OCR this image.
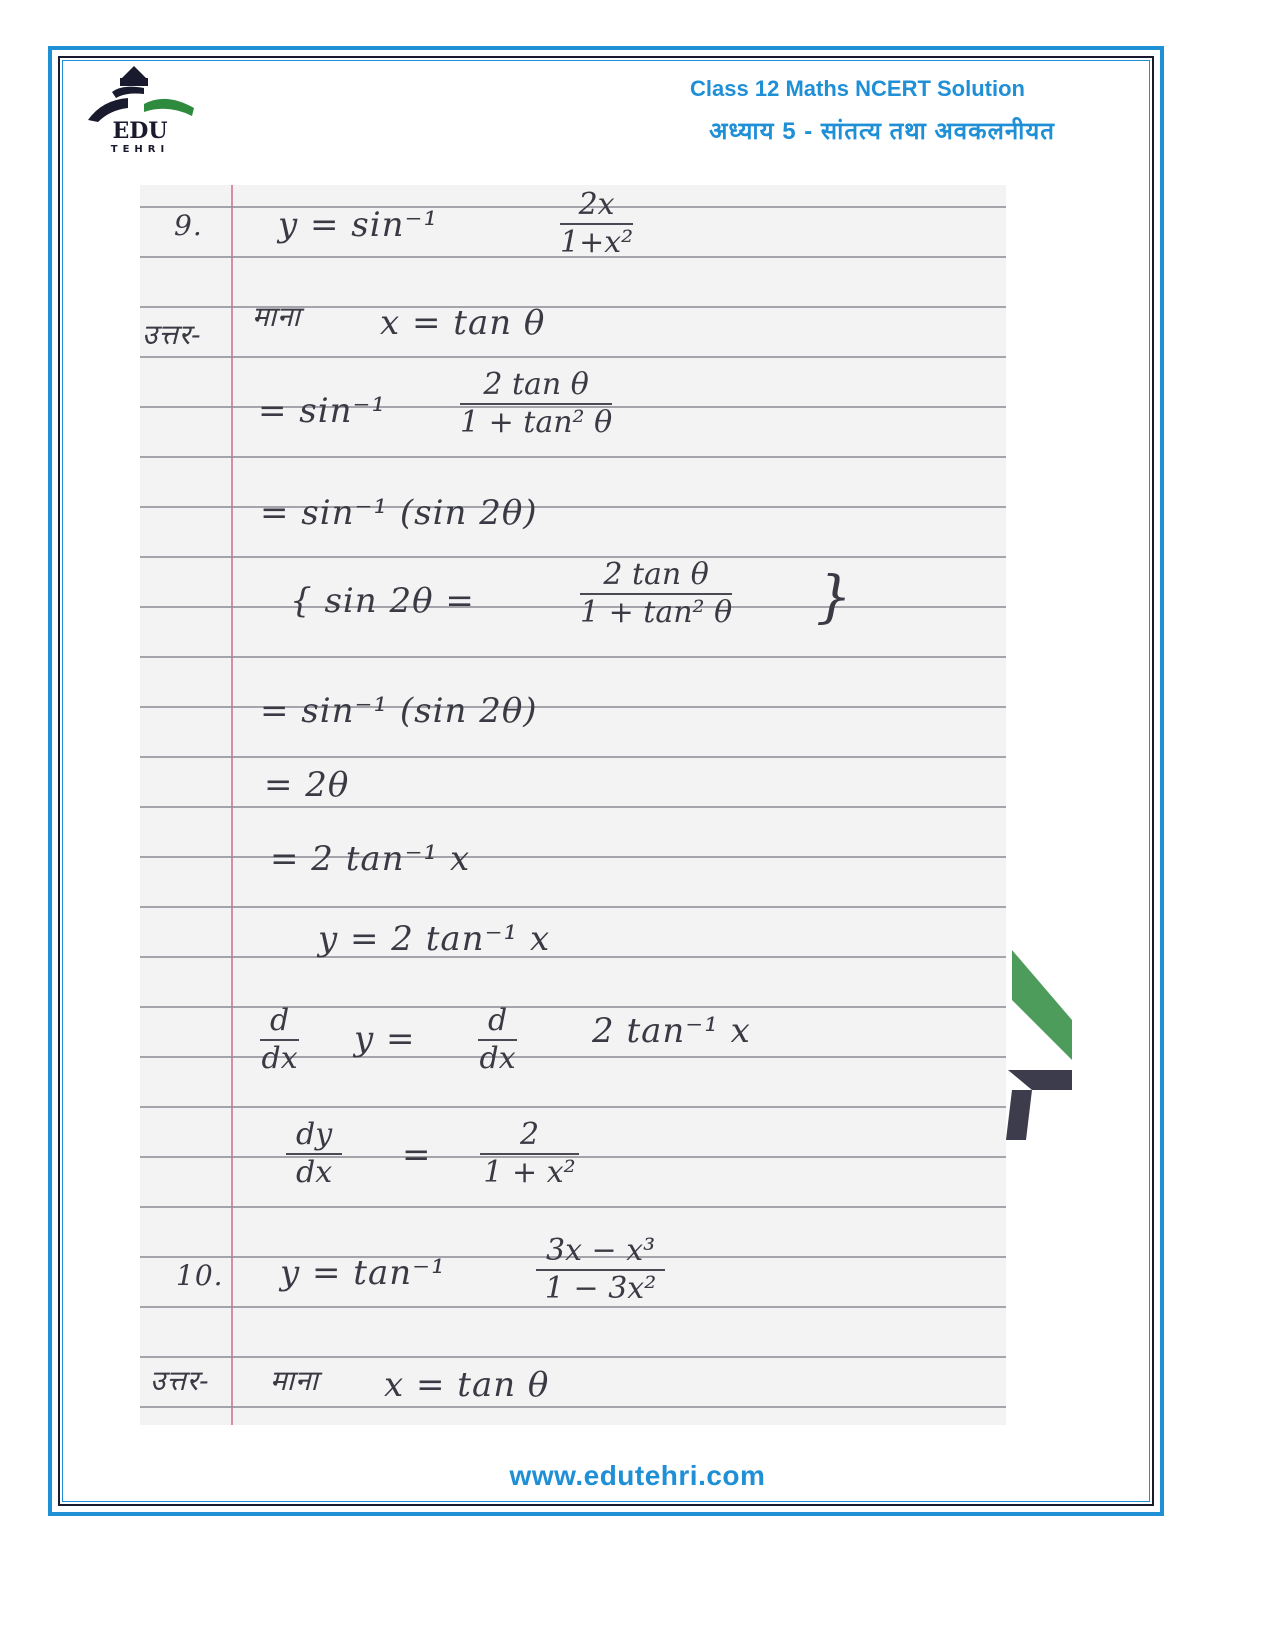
EDU
TEHRI
Class 12 Maths NCERT Solution
अध्याय 5 - सांतत्य तथा अवकलनीयत
9. y = sin⁻¹	$\frac{2x}{\text{1+x²}}$
उत्तर-
माना x = tan θ
= $\sin^{-1} \frac{\text{2 tan θ}}{\text{1 + tan² θ}}$
= sin⁻¹ (sin 2θ)
{ sin 2θ =	$\frac{\text{2 tan θ}}{\text{1 + tan² θ}}$ }
= sin⁻¹ (sin 2θ)
= 2θ
= 2 tan⁻¹ x
y = 2 tan⁻¹ x
$\frac{d}{dx}$ $y = \frac{d}{dx} 2$ tan⁻¹ x
$\frac{dy}{dx} = \frac{2}{\text{1 + x²}}$
10. y = tan⁻¹	$\frac{\text{3x − x³}}{\text{1 − 3x²}}$
उत्तर- माना x = tan θ
www.edutehri.com
